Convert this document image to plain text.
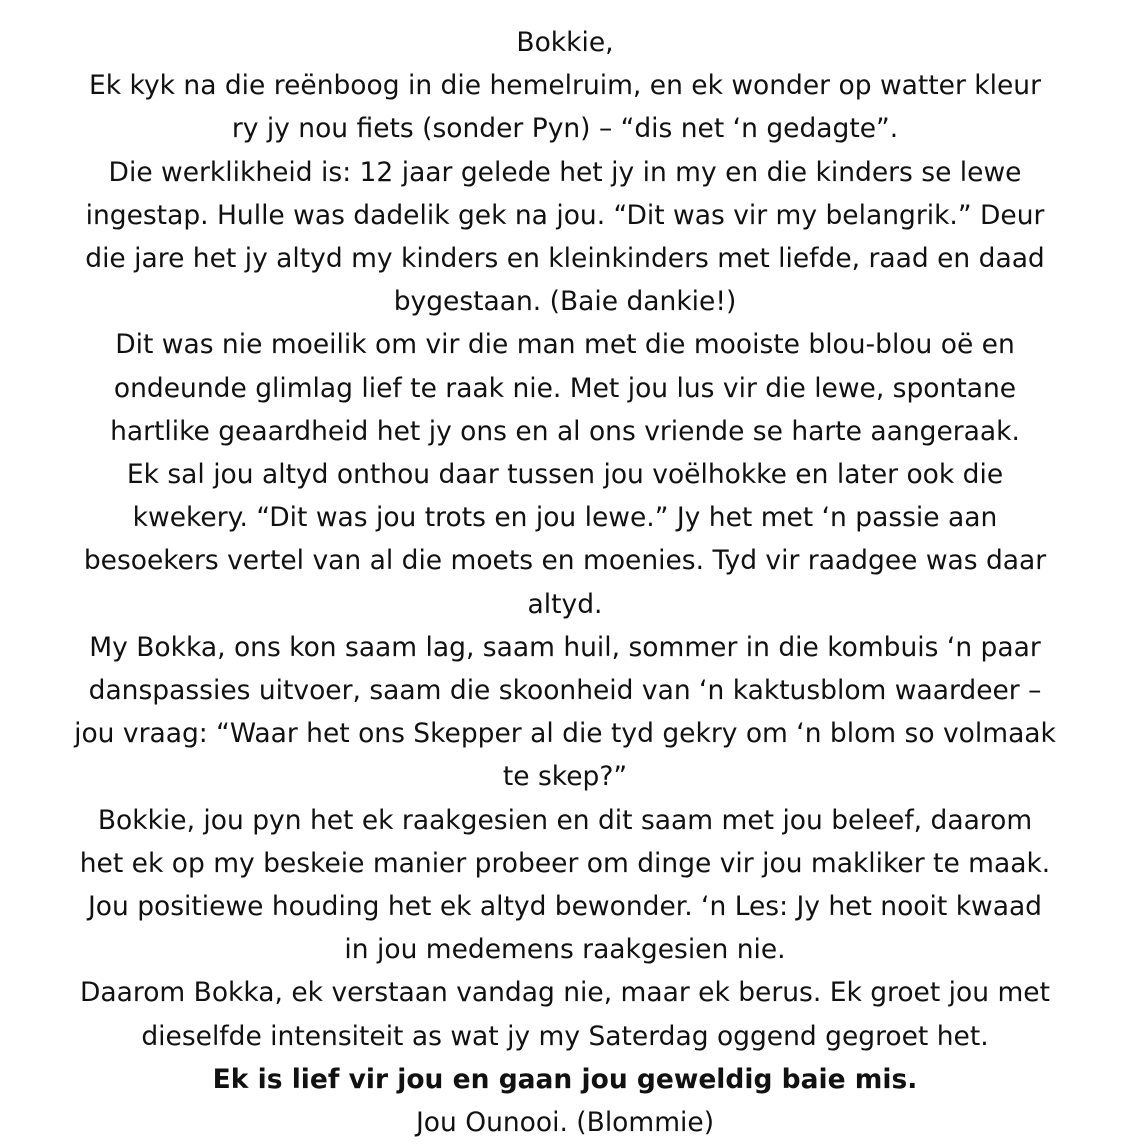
Bokkie,

Ek kyk na die reënboog in die hemelruim, en ek wonder op watter kleur
ry jy nou fiets (sonder Pyn) – “dis net ‘n gedagte”.

Die werklikheid is: 12 jaar gelede het jy in my en die kinders se lewe
ingestap. Hulle was dadelik gek na jou. “Dit was vir my belangrik.” Deur
die jare het jy altyd my kinders en kleinkinders met liefde, raad en daad
bygestaan. (Baie dankie!)

Dit was nie moeilik om vir die man met die mooiste blou-blou oë en
ondeunde glimlag lief te raak nie. Met jou lus vir die lewe, spontane
hartlike geaardheid het jy ons en al ons vriende se harte aangeraak.

Ek sal jou altyd onthou daar tussen jou voëlhokke en later ook die
kwekery. “Dit was jou trots en jou lewe.” Jy het met ‘n passie aan
besoekers vertel van al die moets en moenies. Tyd vir raadgee was daar
altyd.

My Bokka, ons kon saam lag, saam huil, sommer in die kombuis ‘n paar
danspassies uitvoer, saam die skoonheid van ‘n kaktusblom waardeer –
jou vraag: “Waar het ons Skepper al die tyd gekry om ‘n blom so volmaak
te skep?”

Bokkie, jou pyn het ek raakgesien en dit saam met jou beleef, daarom
het ek op my beskeie manier probeer om dinge vir jou makliker te maak.
Jou positiewe houding het ek altyd bewonder. ‘n Les: Jy het nooit kwaad
in jou medemens raakgesien nie.

Daarom Bokka, ek verstaan vandag nie, maar ek berus. Ek groet jou met
dieselfde intensiteit as wat jy my Saterdag oggend gegroet het.

Ek is lief vir jou en gaan jou geweldig baie mis.

Jou Ounooi. (Blommie)
